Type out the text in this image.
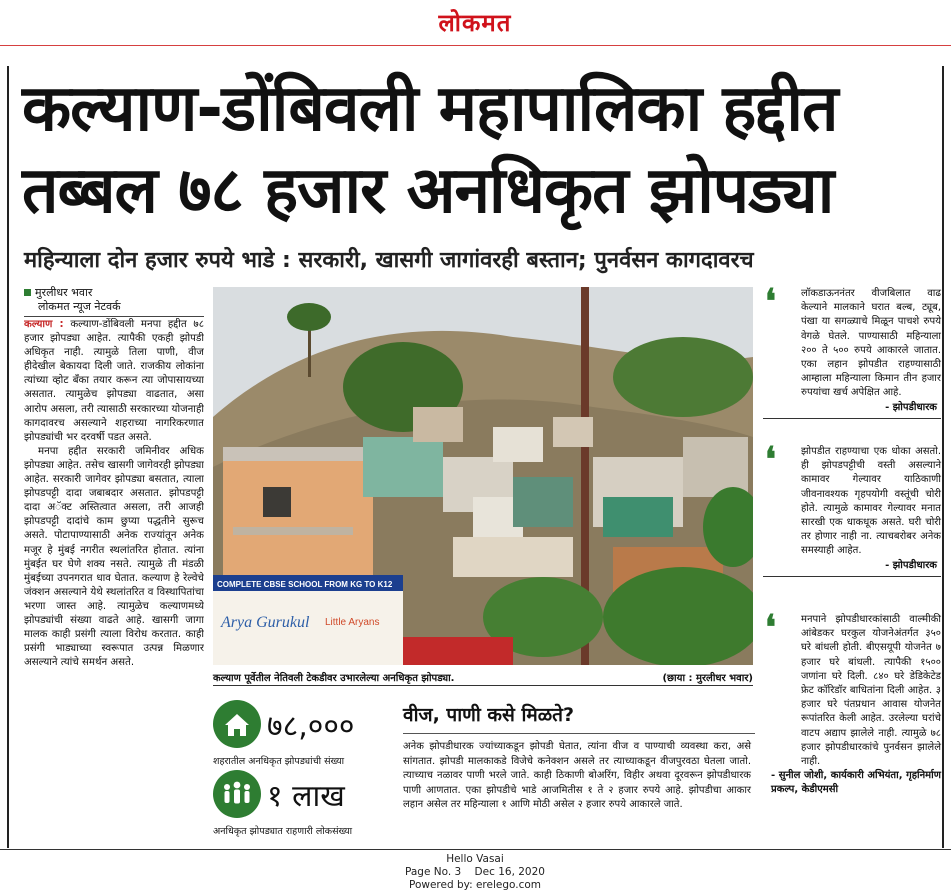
लोकमत
कल्याण-डोंबिवली महापालिका हद्दीत
तब्बल ७८ हजार अनधिकृत झोपड्या
महिन्याला दोन हजार रुपये भाडे : सरकारी, खासगी जागांवरही बस्तान; पुनर्वसन कागदावरच
मुरलीधर भवार
लोकमत न्यूज नेटवर्क

कल्याण : कल्याण-डोंबिवली मनपा हद्दीत ७८ हजार झोपड्या आहेत. त्यापैकी एकही झोपडी अधिकृत नाही. त्यामुळे तिला पाणी, वीज हीदेखील बेकायदा दिली जाते. राजकीय लोकांना त्यांच्या व्होट बँका तयार करून त्या जोपासायच्या असतात. त्यामुळेच झोपड्या वाढतात, असा आरोप असला, तरी त्यासाठी सरकारच्या योजनाही कागदावरच असल्याने शहराच्या नागरिकरणात झोपड्यांची भर दरवर्षी पडत असते.

मनपा हद्दीत सरकारी जमिनीवर अधिक झोपड्या आहेत. तसेच खासगी जागेवरही झोपड्या आहेत. सरकारी जागेवर झोपड्या बसतात, त्याला झोपडपट्टी दादा जबाबदार असतात. झोपडपट्टी दादा अॅक्ट अस्तित्वात असला, तरी आजही झोपडपट्टी दादांचे काम छुप्या पद्धतीने सुरूच असते. पोटापाण्यासाठी अनेक राज्यांतून अनेक मजूर हे मुंबई नगरीत स्थलांतरित होतात. त्यांना मुंबईत घर घेणे शक्य नसते. त्यामुळे ती मंडळी मुंबईच्या उपनगरात धाव घेतात. कल्याण हे रेल्वेचे जंक्शन असल्याने येथे स्थलांतरित व विस्थापितांचा भरणा जास्त आहे. त्यामुळेच कल्याणमध्ये झोपड्यांची संख्या वाढते आहे. खासगी जागा मालक काही प्रसंगी त्याला विरोध करतात. काही प्रसंगी भाड्याच्या स्वरूपात उत्पन्न मिळणार असल्याने त्यांचे समर्थन असते.

COMPLETE CBSE SCHOOL FROM KG TO K12
Arya Gurukul Little Aryans
कल्याण पूर्वेतील नेतिवली टेकडीवर उभारलेल्या अनधिकृत झोपड्या.	(छाया : मुरलीधर भवार)
७८,०००
शहरातील अनधिकृत झोपड्यांची संख्या
१ लाख
अनधिकृत झोपड्यात राहणारी लोकसंख्या
वीज, पाणी कसे मिळते?
अनेक झोपडीधारक ज्यांच्याकडून झोपडी घेतात, त्यांना वीज व पाण्याची व्यवस्था करा, असे सांगतात. झोपडी मालकाकडे विजेचे कनेक्शन असले तर त्याच्याकडून वीजपुरवठा घेतला जातो. त्याच्याच नळावर पाणी भरले जाते. काही ठिकाणी बोअरिंग, विहीर अथवा दूरवरून झोपडीधारक पाणी आणतात. एका झोपडीचे भाडे आजमितीस १ ते २ हजार रुपये आहे. झोपडीचा आकार लहान असेल तर महिन्याला १ आणि मोठी असेल २ हजार रुपये आकारले जाते.
❛	लॉकडाऊननंतर वीजबिलात वाढ केल्याने मालकाने घरात बल्ब, ट्यूब, पंखा या सगळ्याचे मिळून पाचशे रुपये वेगळे घेतले. पाण्यासाठी महिन्याला २०० ते ५०० रुपये आकारले जातात. एका लहान झोपडीत राहण्यासाठी आम्हाला महिन्याला किमान तीन हजार रुपयांचा खर्च अपेक्षित आहे.
- झोपडीधारक
❛	झोपडीत राहण्याचा एक धोका असतो. ही झोपडपट्टीची वस्ती असल्याने कामावर गेल्यावर याठिकाणी जीवनावश्यक गृहपयोगी वस्तूंची चोरी होते. त्यामुळे कामावर गेल्यावर मनात सारखी एक धाकधूक असते. घरी चोरी तर होणार नाही ना. त्याचबरोबर अनेक समस्याही आहेत.
- झोपडीधारक
❛	मनपाने झोपडीधारकांसाठी वाल्मीकी आंबेडकर घरकुल योजनेअंतर्गत ३५० घरे बांधली होती. बीएसयूपी योजनेत ७ हजार घरे बांधली. त्यापैकी १५०० जणांना घरे दिली. ८४० घरे डेडिकेटेड फ्रेट कॉरिडॉर बाधितांना दिली आहेत. ३ हजार घरे पंतप्रधान आवास योजनेत रूपांतरित केली आहेत. उरलेल्या घरांचे वाटप अद्याप झालेले नाही. त्यामुळे ७८ हजार झोपडीधारकांचे पुनर्वसन झालेले नाही.
- सुनील जोशी, कार्यकारी अभियंता, गृहनिर्माण प्रकल्प, केडीएमसी
Hello Vasai
Page No. 3    Dec 16, 2020
Powered by: erelego.com
